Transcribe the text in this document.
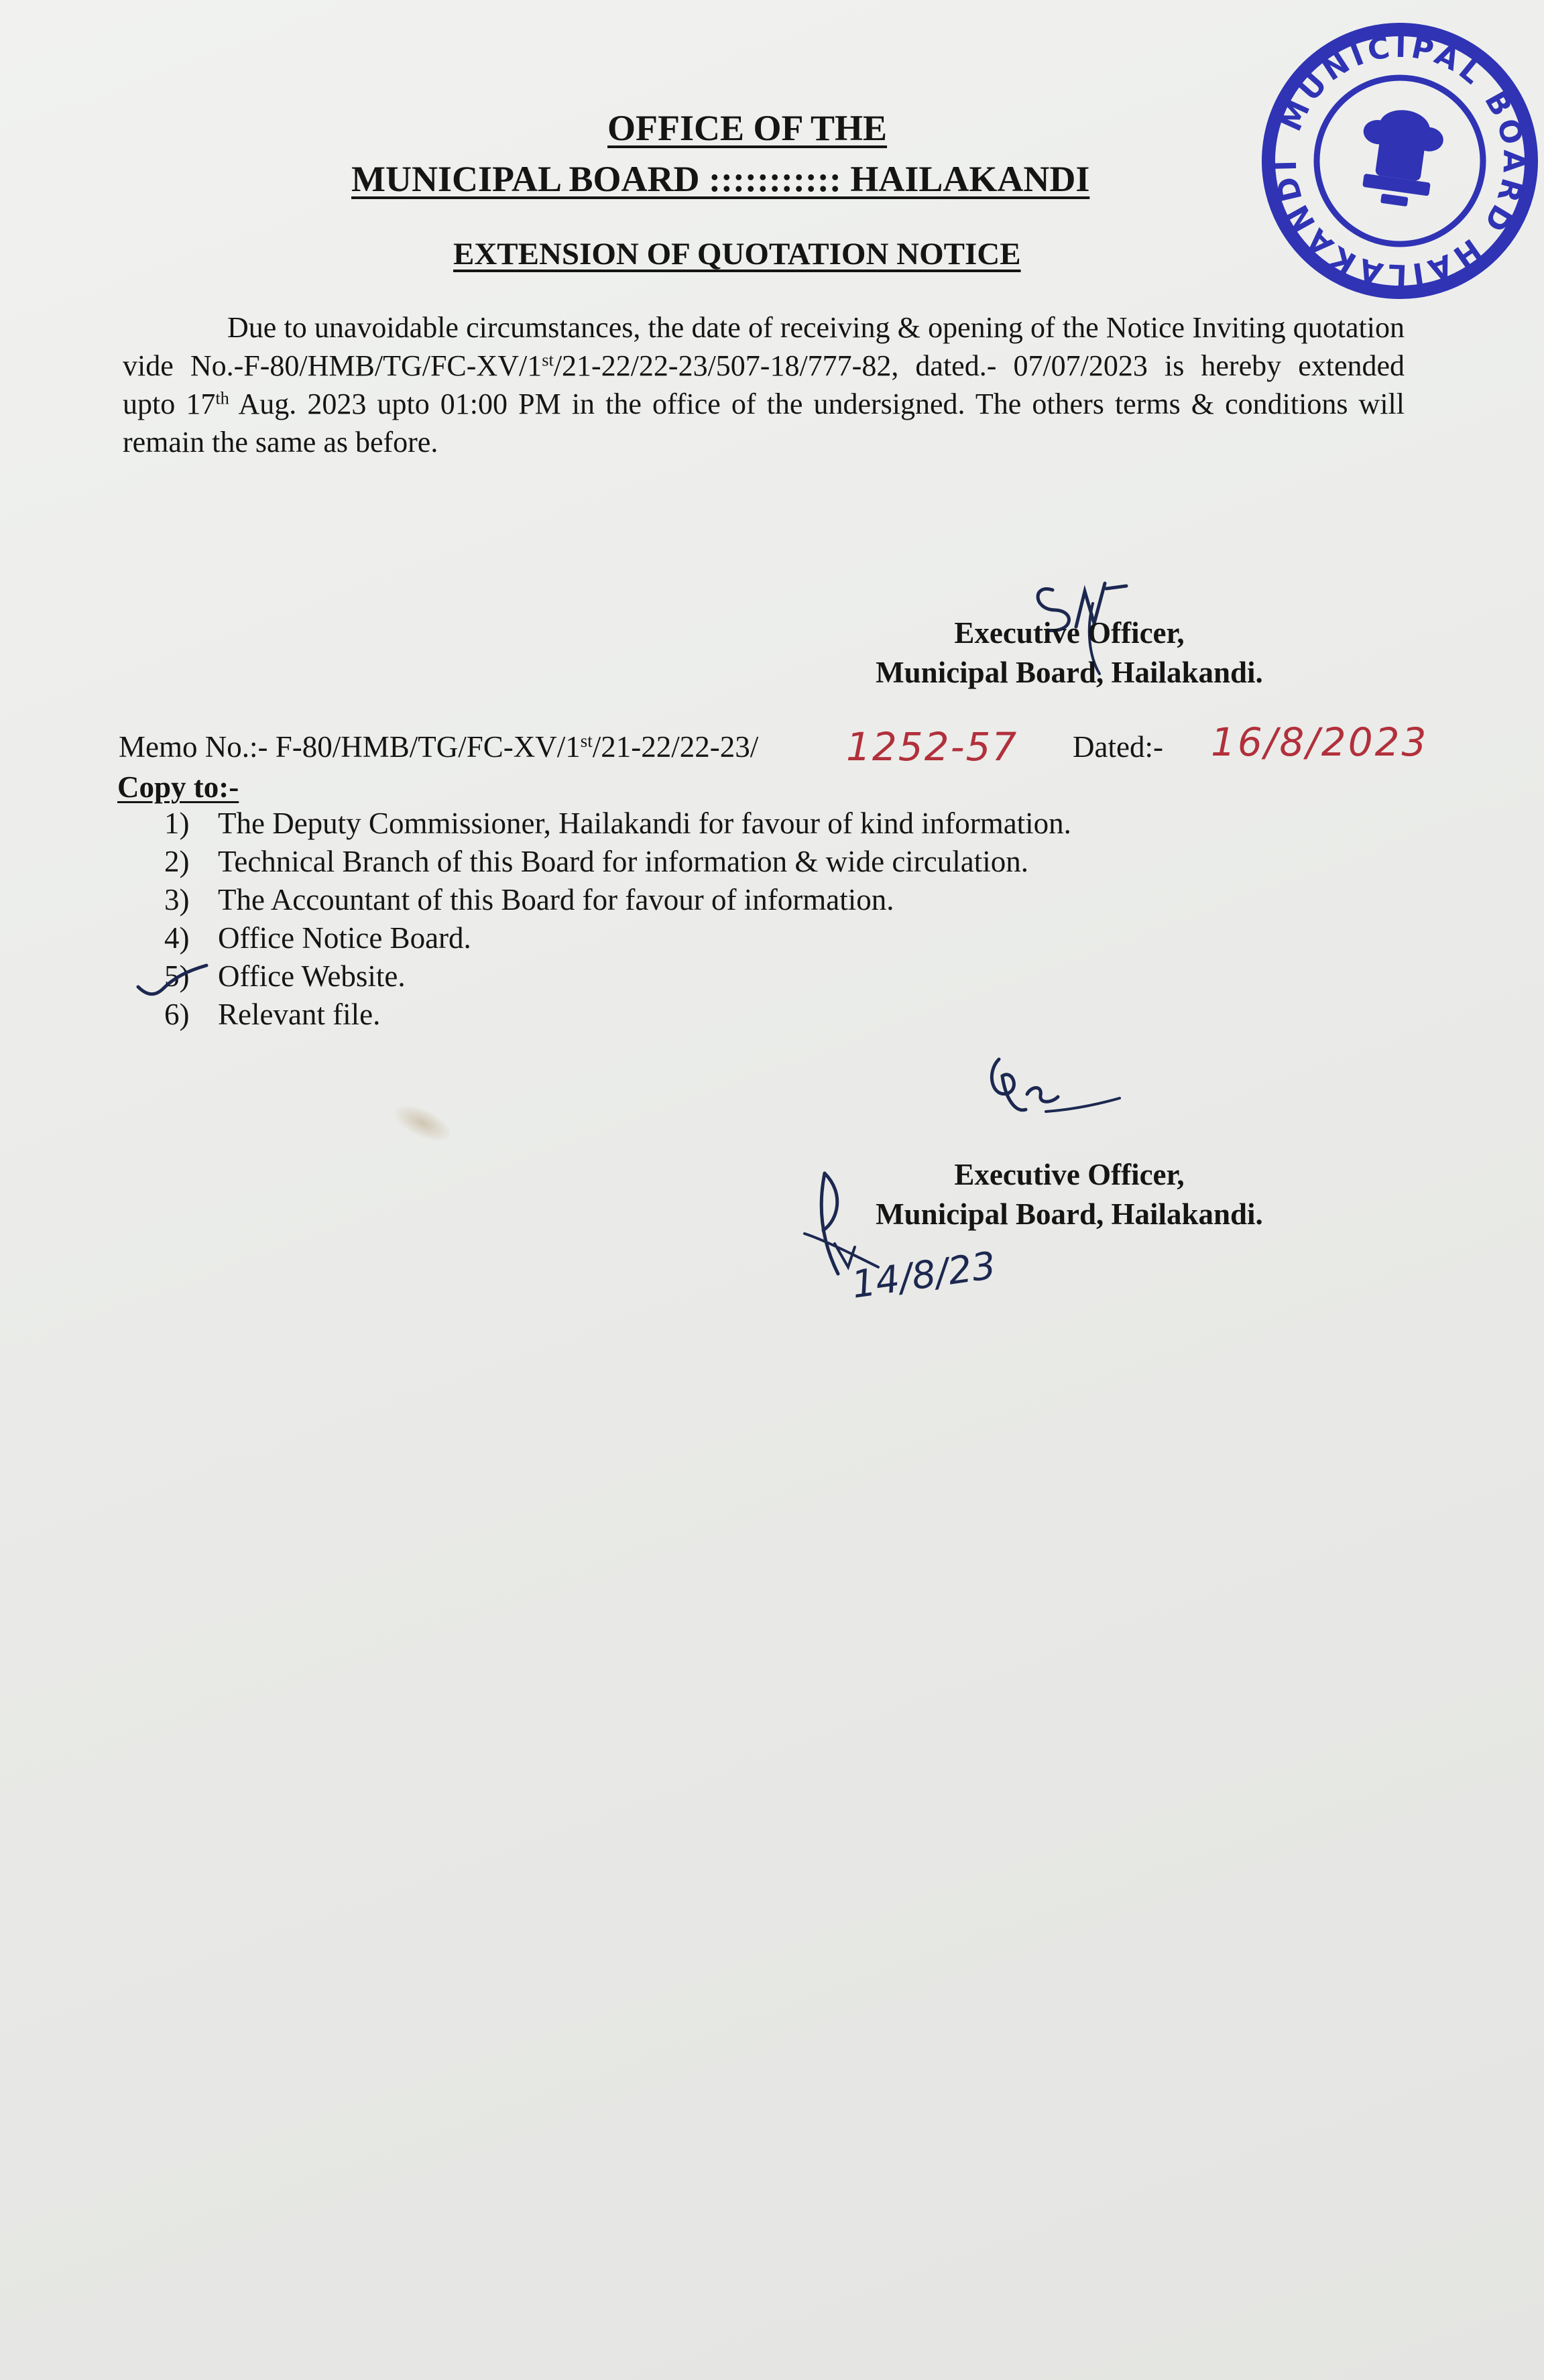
OFFICE OF THE
MUNICIPAL BOARD ::::::::::: HAILAKANDI
EXTENSION OF QUOTATION NOTICE
MUNICIPAL BOARD HAILAKANDI
Due to unavoidable circumstances, the date of receiving & opening of the Notice Inviting quotation vide No.-F-80/HMB/TG/FC-XV/1st/21-22/22-23/507-18/777-82, dated.- 07/07/2023 is hereby extended upto 17th Aug. 2023 upto 01:00 PM in the office of the undersigned. The others terms & conditions will remain the same as before.
Executive Officer,
Municipal Board, Hailakandi.
Memo No.:- F-80/HMB/TG/FC-XV/1st/21-22/22-23/ 1252-57 Dated:- 16/8/2023
Copy to:-
1) The Deputy Commissioner, Hailakandi for favour of kind information.
2) Technical Branch of this Board for information & wide circulation.
3) The Accountant of this Board for favour of information.
4) Office Notice Board.
5) Office Website.
6) Relevant file.
Executive Officer,
Municipal Board, Hailakandi.
14/8/23
